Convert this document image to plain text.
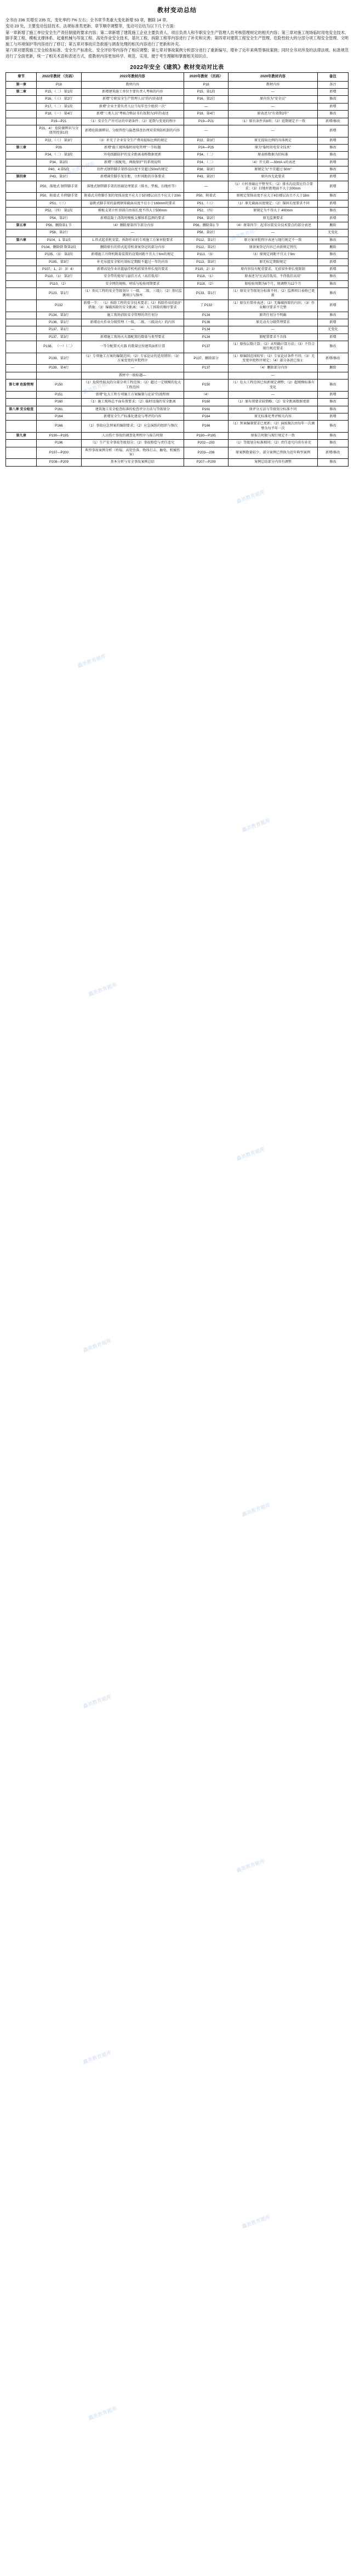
教材变动总结

全书由 236 页增至 235 页，变化率约 7% 左右；全书章节类重大变化新增 53 章，删除 14 章。

变动 23 处，主要变动包括技术、法规标准类更新、章节顺序调整等，变动可总结为以下几个方面：

第一章新增了施工单位安全生产责任制度的要求内容；第二章新增了建筑施工企业主要负责人、项目负责人和专职安全生产管理人员考核管理规定的相关内容；第三章对施工现场临时用电安全技术、脚手架工程、模板支撑体系、起重机械与吊装工程、高处作业安全技术、基坑工程、拆除工程等内容进行了补充和完善；第四章对建筑工程安全生产管理、危险性较大的分部分项工程安全管理、文明施工与环境保护等内容进行了修订；第五章对事故应急救援与调查处理的相关内容进行了更新和补充。

第六章对建筑施工安全检查标准、安全生产标准化、安全评价等内容作了相应调整；第七章对事故案例分析部分进行了重新编写，增补了近年来典型事故案例；同时全书对涉及的法律法规、标准规范进行了全面更新，统一了相关术语和表述方式，使教材内容更加科学、规范、实用，便于考生理解和掌握相关知识点。

2022年安全《建筑》教材变动对比表
章节	2022年教材 （页码）	2022年教材内容	2020年教材 （页码）	2020年教材内容	备注
第一章	P18	教材内容	P18	教材内容	备注
第二章	P15、（二） 第1段	新增建筑施工单位主要负责人考核的内容	P15、第1段	—	新增
	P16、（三） 第2行	新增"专职安全生产管理人员"的内容表述	P16、第2行	原内容为"安全员"	修改
	P17、（二） 第1段	新增"企业主要负责人应当每年至少组织一次"	—	—	新增
	P18、（一） 第4行	新增"三类人员"考核合格证书有效期为3年的表述	P18、第4行	原表述为"有效期2年"	修改
	P19—P21	（1）安全生产许可证的申请条件；（2）延期与变更的程序	P19—P21	（1）原有条件共8项；（2）延期规定不一致	新增/修改
	P21、4） 危险源辨识与分级管控第1段	新增危险源辨识、分级管控与隐患排查治理双重预防机制的内容	—	—	新增
	P22、（三） 第3行	（3）补充了企业安全生产费用提取比例的规定	P22、第3行	原无提取比例的具体规定	新增
第三章	P26	新增"施工现场临时用电管理"一节标题	P24—P25	原为"临时用电安全技术"	修改
	P34、（二） 第3段	外电线路防护的安全距离表格数据更新	P34、（二）	原表格数据为旧标准	修改
	P34、第2段	新增"三级配电、两级保护"的系统说明	P34、（二）	（4）开关箱 —30mA·s的表述	新增
	P40、4.第5段	扣件式钢管脚手架搭设高度不宜超过50m的规定	P38、第3行	原规定为"不宜超过 50m"	修改
第四章	P43、第3行	新增满堂脚手架步距、立杆间距的具体要求	P43、第2行	原内容无此要求	新增
	P50、落地式 钢管脚手架	落地式钢管脚手架的基础处理要求（排水、垫板、扫地杆等）	—	（1）立杆基础应平整坚实；（2）排水沟设置应符合要求；（3）扫地杆距地面不大于200mm	新增
	P50、附着式 升降脚手架	附着式升降脚手架的架体高度不应大于5倍楼层高且不应大于20m	P50、附着式	原规定架体高度不应大于4倍楼层高且不大于18m	修改
	P51、（三）	悬挑式脚手架的悬挑钢梁截面高度不应小于160mm的要求	P51、（三）	（1）原无截面高度规定；（2）锚固长度要求不同	新增
	P52、（四） 第1段	模板支架立杆顶部自由端长度不得大于500mm	P52、（四）	原规定为不得大于 400mm	修改
	P54、第2行	新增混凝土浇筑时模板支撑体系监测的要求	P54、第2行	原无监测要求	新增
第五章	P56、删除第1 节	（4）删除原第四节部分内容	P56、删除第1 节	（4）原第四节：起重吊装安全技术要点的部分表述	删除
	P58、第2行	—	P58、第2行	—	无变化
第六章	P104、1. 第1段	1.塔式起重机安装、拆卸作业的专项施工方案审批要求	P112、第1行	原方案审批程序表述与现行规定不一致	修改
	P104、删除倒 数第2段	删除原有的塔式起重机备案登记的部分内容	P112、第2行	原备案登记内容已由新规定替代	删除
	P105、（3） 第2段	新增施工升降机附着装置的设置间距不宜大于6m的规定	P113、（3）	（3）原规定间距不宜大于9m	修改
	P105、第3行	补充吊篮安全锁有效标定期限不超过一年的内容	P113、第3行	原无标定期限规定	新增
	P107、1、2） 3）4）	新增高处作业吊篮悬挂机构前梁外伸长度的要求	P115、2）3）	原内容仅有配重要求，无前梁外伸长度限制	新增
	P110、（1） 第2行	安全带的使用与悬挂方式（高挂低用）	P118、（1）	原表述为"应高挂低用，不得低挂高用"	修改
	P110、（2）	安全网的规格、材质与检验周期要求	P118、（2）	原检验周期为6个月，现调整为12个月	修改
	P123、第1行	（1）基坑工程的安全等级划分（一级、二级、三级）；（2）基坑监测项目与频率	P133、第1行	（1）原安全等级划分标准不同；（2）监测项目表格已更新	修改
	P132	新增一节： （1）拆除工程的安全技术要求；（2）拆除作业的防护措施；（3）爆破拆除的安全距离；（4）人工拆除的顺序要求	了 P132	（1）原仅有简单表述；（2）无爆破拆除的内容；（3）作业顺序要求不完整	新增
	P134、第3行	施工现场消防安全管理的责任划分	P134	原责任划分不明确	修改
	P136、第1行	新增动火作业分级管理（一级、二级、三级动火）的内容	P136	原无动火分级管理要求	新增
	P137、第1行	—	P134	—	无变化
	P137、第3行	新增施工现场灭火器配置的数量与类型要求	P134	原配置要求不具体	新增
	P138、 （一）（二）	一等分配置灭火器 的数量应按建筑面积计算	P137	（1）原按层数计算；（2）未明确计算方法；（3）不符合现行规范要求	修改
	P139、第2行	（1）专项施工方案的编制范围；（2）专家论证的适用情形；（3）方案变更的审批程序	P137、删除部分	（1）原编制范围较窄；（2）专家论证条件不同；（3）无变更审批程序规定；（4）部分条款已废止	新增/修改
	P139、第4行	—	P137	（4）删除部分内容	删除
		教材中一级标题—		—	
第七章 危险管理	P150	（1）危险性较大的分部分项工程范围；（2）超过一定规模的危大工程范围	P150	（1）危大工程范围已按新规定调整；（2）超规模标准有变化	修改
	P151	新增"危大工程专项施工方案编制与论证"的流程图	（4）	—	新增
	P160	（1）施工现场总平面布置要求；（2）临时设施的安全距离	P160	（1）原布置要求较简略；（2）安全距离数据更新	修改
第八章 安全检查	P161	建筑施工安全检查标准的检查评分方法与等级划分	P161	原评分方法与等级划分标准不同	修改
	P164	新增安全生产标准化建设与考评的内容	P164	原无标准化考评相关内容	新增
	P166	（1）事故应急预案的编制要求；（2）应急演练的组织与频次	P166	（1）预案编制要求已更新；（2）演练频次由每年一次调整为每半年一次	修改
第九章	P190—P195	人员伤亡事故的调查处理程序与报告时限	P190—P195	原报告时限与现行规定不一致	修改
	P196	（1）生产安全事故等级划分；（2）事故赔偿与责任追究	P202—203	（1）等级划分标准相同；（2）责任追究内容有补充	修改
	P197—P200	典型事故案例分析（坍塌、高处坠落、物体打击、触电、机械伤害）	P203—206	原案例数量较少，部分案例已替换为近年典型案例	新增/修改
	P208—P209	基本分析与安全事故案例总结	P207—P209	案例总结部分内容有调整	修改
鑫美教育题库
鑫美教育题库
鑫美教育题库
鑫美教育题库
鑫美教育题库
鑫美教育题库
鑫美教育题库
鑫美教育题库
鑫美教育题库
鑫美教育题库
鑫美教育题库
鑫美教育题库
鑫美教育题库
鑫美教育题库
鑫美教育题库
